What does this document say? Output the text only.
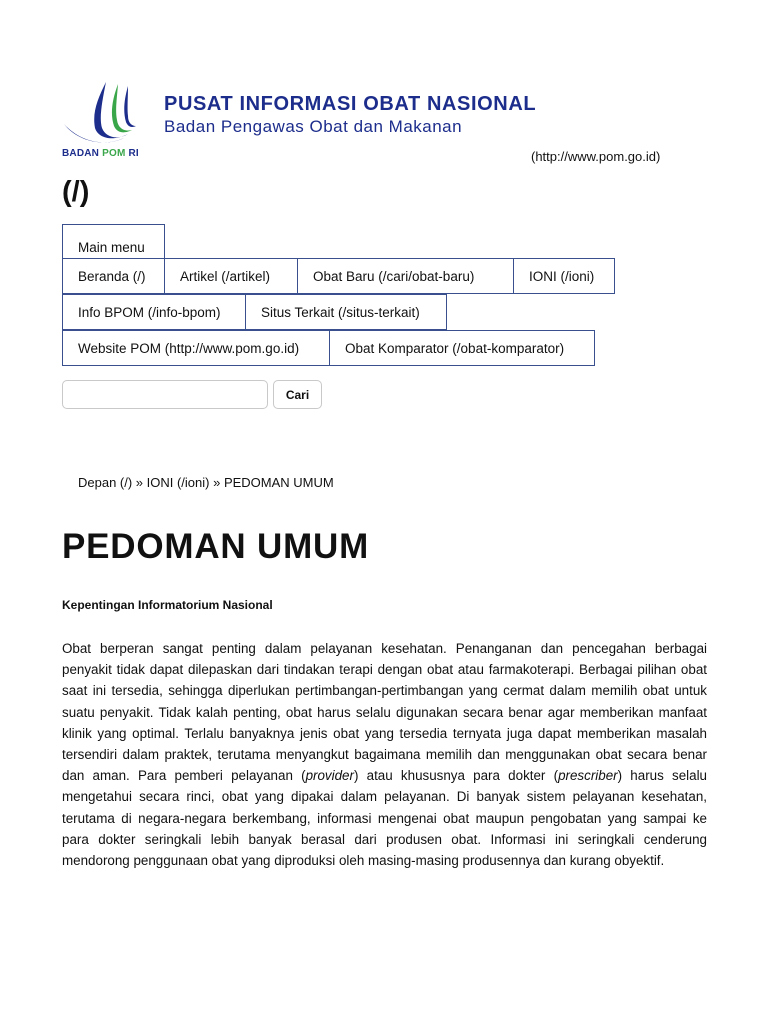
BADAN POM RI
PUSAT INFORMASI OBAT NASIONAL
Badan Pengawas Obat dan Makanan
(http://www.pom.go.id)
(/)
Main menu
Beranda (/)	Artikel (/artikel)	Obat Baru (/cari/obat-baru)	IONI (/ioni)
Info BPOM (/info-bpom)	Situs Terkait (/situs-terkait)
Website POM (http://www.pom.go.id)	Obat Komparator (/obat-komparator)
Cari
Depan (/) » IONI (/ioni) » PEDOMAN UMUM
PEDOMAN UMUM
Kepentingan Informatorium Nasional

Obat berperan sangat penting dalam pelayanan kesehatan. Penanganan dan pencegahan berbagai penyakit tidak dapat dilepaskan dari tindakan terapi dengan obat atau farmakoterapi. Berbagai pilihan obat saat ini tersedia, sehingga diperlukan pertimbangan-pertimbangan yang cermat dalam memilih obat untuk suatu penyakit. Tidak kalah penting, obat harus selalu digunakan secara benar agar memberikan manfaat klinik yang optimal. Terlalu banyaknya jenis obat yang tersedia ternyata juga dapat memberikan masalah tersendiri dalam praktek, terutama menyangkut bagaimana memilih dan menggunakan obat secara benar dan aman. Para pemberi pelayanan (provider) atau khususnya para dokter (prescriber) harus selalu mengetahui secara rinci, obat yang dipakai dalam pelayanan. Di banyak sistem pelayanan kesehatan, terutama di negara-negara berkembang, informasi mengenai obat maupun pengobatan yang sampai ke para dokter seringkali lebih banyak berasal dari produsen obat. Informasi ini seringkali cenderung mendorong penggunaan obat yang diproduksi oleh masing-masing produsennya dan kurang obyektif.
